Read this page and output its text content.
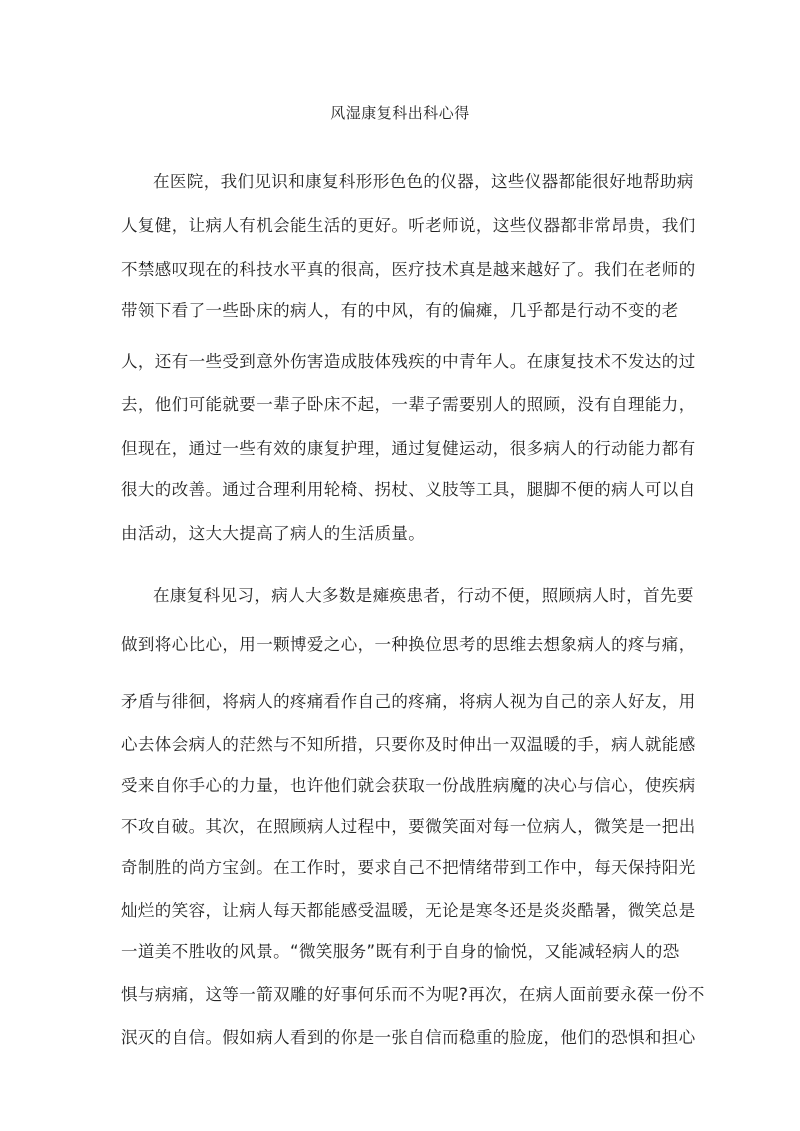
风湿康复科出科心得
在医院，我们见识和康复科形形色色的仪器，这些仪器都能很好地帮助病
人复健，让病人有机会能生活的更好。听老师说，这些仪器都非常昂贵，我们
不禁感叹现在的科技水平真的很高，医疗技术真是越来越好了。我们在老师的
带领下看了一些卧床的病人，有的中风，有的偏瘫，几乎都是行动不变的老
人，还有一些受到意外伤害造成肢体残疾的中青年人。在康复技术不发达的过
去，他们可能就要一辈子卧床不起，一辈子需要别人的照顾，没有自理能力，
但现在，通过一些有效的康复护理，通过复健运动，很多病人的行动能力都有
很大的改善。通过合理利用轮椅、拐杖、义肢等工具，腿脚不便的病人可以自
由活动，这大大提高了病人的生活质量。
在康复科见习，病人大多数是瘫痪患者，行动不便，照顾病人时，首先要
做到将心比心，用一颗博爱之心，一种换位思考的思维去想象病人的疼与痛，
矛盾与徘徊，将病人的疼痛看作自己的疼痛，将病人视为自己的亲人好友，用
心去体会病人的茫然与不知所措，只要你及时伸出一双温暖的手，病人就能感
受来自你手心的力量，也许他们就会获取一份战胜病魔的决心与信心，使疾病
不攻自破。其次，在照顾病人过程中，要微笑面对每一位病人，微笑是一把出
奇制胜的尚方宝剑。在工作时，要求自己不把情绪带到工作中，每天保持阳光
灿烂的笑容，让病人每天都能感受温暖，无论是寒冬还是炎炎酷暑，微笑总是
一道美不胜收的风景。“微笑服务”既有利于自身的愉悦，又能减轻病人的恐
惧与病痛，这等一箭双雕的好事何乐而不为呢?再次，在病人面前要永葆一份不
泯灭的自信。假如病人看到的你是一张自信而稳重的脸庞，他们的恐惧和担心
